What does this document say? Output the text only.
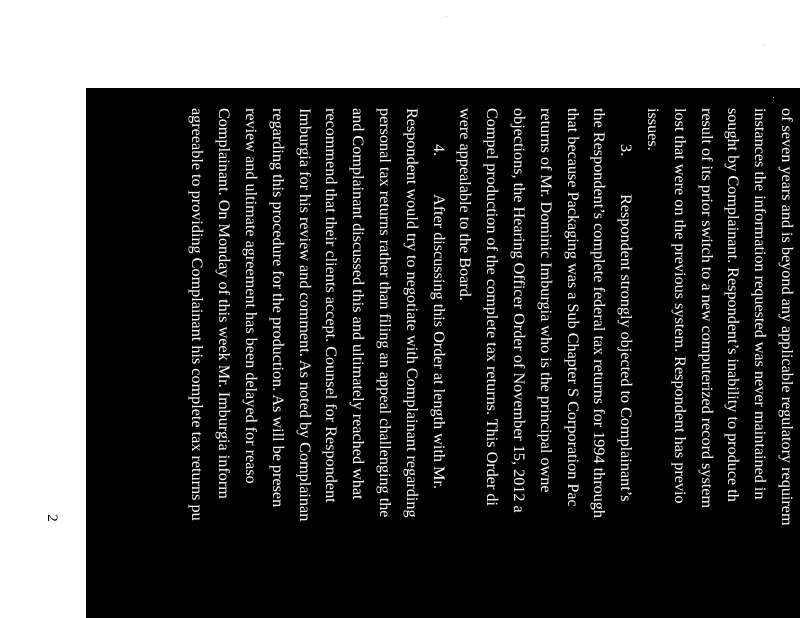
of seven years and is beyond any applicable regulatory requirem
instances the information requested was never maintained in
sought by Complainant. Respondent’s inability to produce th
result of its prior switch to a new computerized record system
lost that were on the previous system. Respondent has previo
issues.
3.Respondent strongly objected to Complainant’s
the Respondent’s complete federal tax returns for 1994 through
that because Packaging was a Sub Chapter S Corporation Pac
returns of Mr. Dominic Imburgia who is the principal owne
objections, the Hearing Officer Order of November 15, 2012 a
Compel production of the complete tax returns. This Order di
were appealable to the Board.
4.After discussing this Order at length with Mr.
Respondent would try to negotiate with Complainant regarding
personal tax returns rather than filing an appeal challenging the
and Complainant discussed this and ultimately reached what
recommend that their clients accept. Counsel for Respondent
Imburgia for his review and comment. As noted by Complainan
regarding this procedure for the production. As will be presen
review and ultimate agreement has been delayed for reaso
Complainant. On Monday of this week Mr. Imburgia inform
agreeable to providing Complainant his complete tax returns pu
2
